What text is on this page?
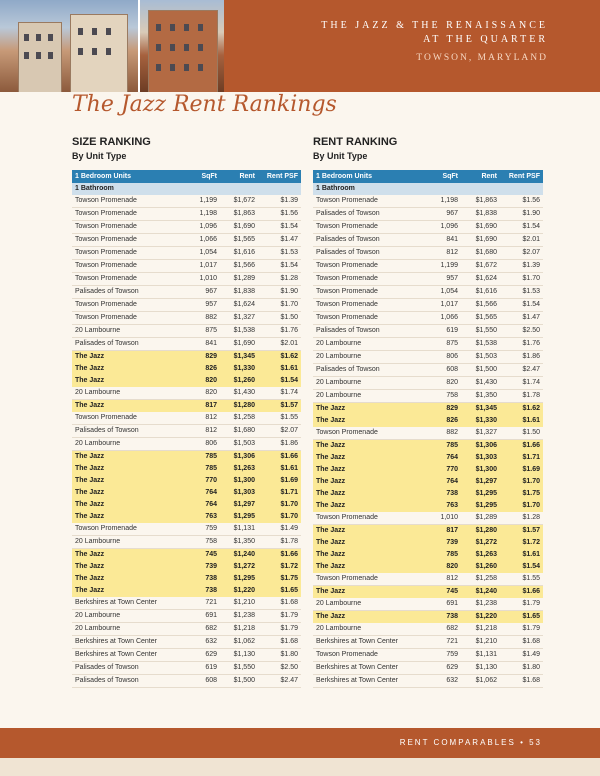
THE JAZZ & THE RENAISSANCE
AT THE QUARTER
TOWSON, MARYLAND
The Jazz Rent Rankings
SIZE RANKING
By Unit Type
RENT RANKING
By Unit Type
1 Bedroom Units	SqFt	Rent	Rent PSF
1 Bathroom			
Towson Promenade	1,199	$1,672	$1.39
Towson Promenade	1,198	$1,863	$1.56
Towson Promenade	1,096	$1,690	$1.54
Towson Promenade	1,066	$1,565	$1.47
Towson Promenade	1,054	$1,616	$1.53
Towson Promenade	1,017	$1,566	$1.54
Towson Promenade	1,010	$1,289	$1.28
Palisades of Towson	967	$1,838	$1.90
Towson Promenade	957	$1,624	$1.70
Towson Promenade	882	$1,327	$1.50
20 Lambourne	875	$1,538	$1.76
Palisades of Towson	841	$1,690	$2.01
The Jazz	829	$1,345	$1.62
The Jazz	826	$1,330	$1.61
The Jazz	820	$1,260	$1.54
20 Lambourne	820	$1,430	$1.74
The Jazz	817	$1,280	$1.57
Towson Promenade	812	$1,258	$1.55
Palisades of Towson	812	$1,680	$2.07
20 Lambourne	806	$1,503	$1.86
The Jazz	785	$1,306	$1.66
The Jazz	785	$1,263	$1.61
The Jazz	770	$1,300	$1.69
The Jazz	764	$1,303	$1.71
The Jazz	764	$1,297	$1.70
The Jazz	763	$1,295	$1.70
Towson Promenade	759	$1,131	$1.49
20 Lambourne	758	$1,350	$1.78
The Jazz	745	$1,240	$1.66
The Jazz	739	$1,272	$1.72
The Jazz	738	$1,295	$1.75
The Jazz	738	$1,220	$1.65
Berkshires at Town Center	721	$1,210	$1.68
20 Lambourne	691	$1,238	$1.79
20 Lambourne	682	$1,218	$1.79
Berkshires at Town Center	632	$1,062	$1.68
Berkshires at Town Center	629	$1,130	$1.80
Palisades of Towson	619	$1,550	$2.50
Palisades of Towson	608	$1,500	$2.47
1 Bedroom Units	SqFt	Rent	Rent PSF
1 Bathroom			
Towson Promenade	1,198	$1,863	$1.56
Palisades of Towson	967	$1,838	$1.90
Towson Promenade	1,096	$1,690	$1.54
Palisades of Towson	841	$1,690	$2.01
Palisades of Towson	812	$1,680	$2.07
Towson Promenade	1,199	$1,672	$1.39
Towson Promenade	957	$1,624	$1.70
Towson Promenade	1,054	$1,616	$1.53
Towson Promenade	1,017	$1,566	$1.54
Towson Promenade	1,066	$1,565	$1.47
Palisades of Towson	619	$1,550	$2.50
20 Lambourne	875	$1,538	$1.76
20 Lambourne	806	$1,503	$1.86
Palisades of Towson	608	$1,500	$2.47
20 Lambourne	820	$1,430	$1.74
20 Lambourne	758	$1,350	$1.78
The Jazz	829	$1,345	$1.62
The Jazz	826	$1,330	$1.61
Towson Promenade	882	$1,327	$1.50
The Jazz	785	$1,306	$1.66
The Jazz	764	$1,303	$1.71
The Jazz	770	$1,300	$1.69
The Jazz	764	$1,297	$1.70
The Jazz	738	$1,295	$1.75
The Jazz	763	$1,295	$1.70
Towson Promenade	1,010	$1,289	$1.28
The Jazz	817	$1,280	$1.57
The Jazz	739	$1,272	$1.72
The Jazz	785	$1,263	$1.61
The Jazz	820	$1,260	$1.54
Towson Promenade	812	$1,258	$1.55
The Jazz	745	$1,240	$1.66
20 Lambourne	691	$1,238	$1.79
The Jazz	738	$1,220	$1.65
20 Lambourne	682	$1,218	$1.79
Berkshires at Town Center	721	$1,210	$1.68
Towson Promenade	759	$1,131	$1.49
Berkshires at Town Center	629	$1,130	$1.80
Berkshires at Town Center	632	$1,062	$1.68
RENT COMPARABLES • 53
